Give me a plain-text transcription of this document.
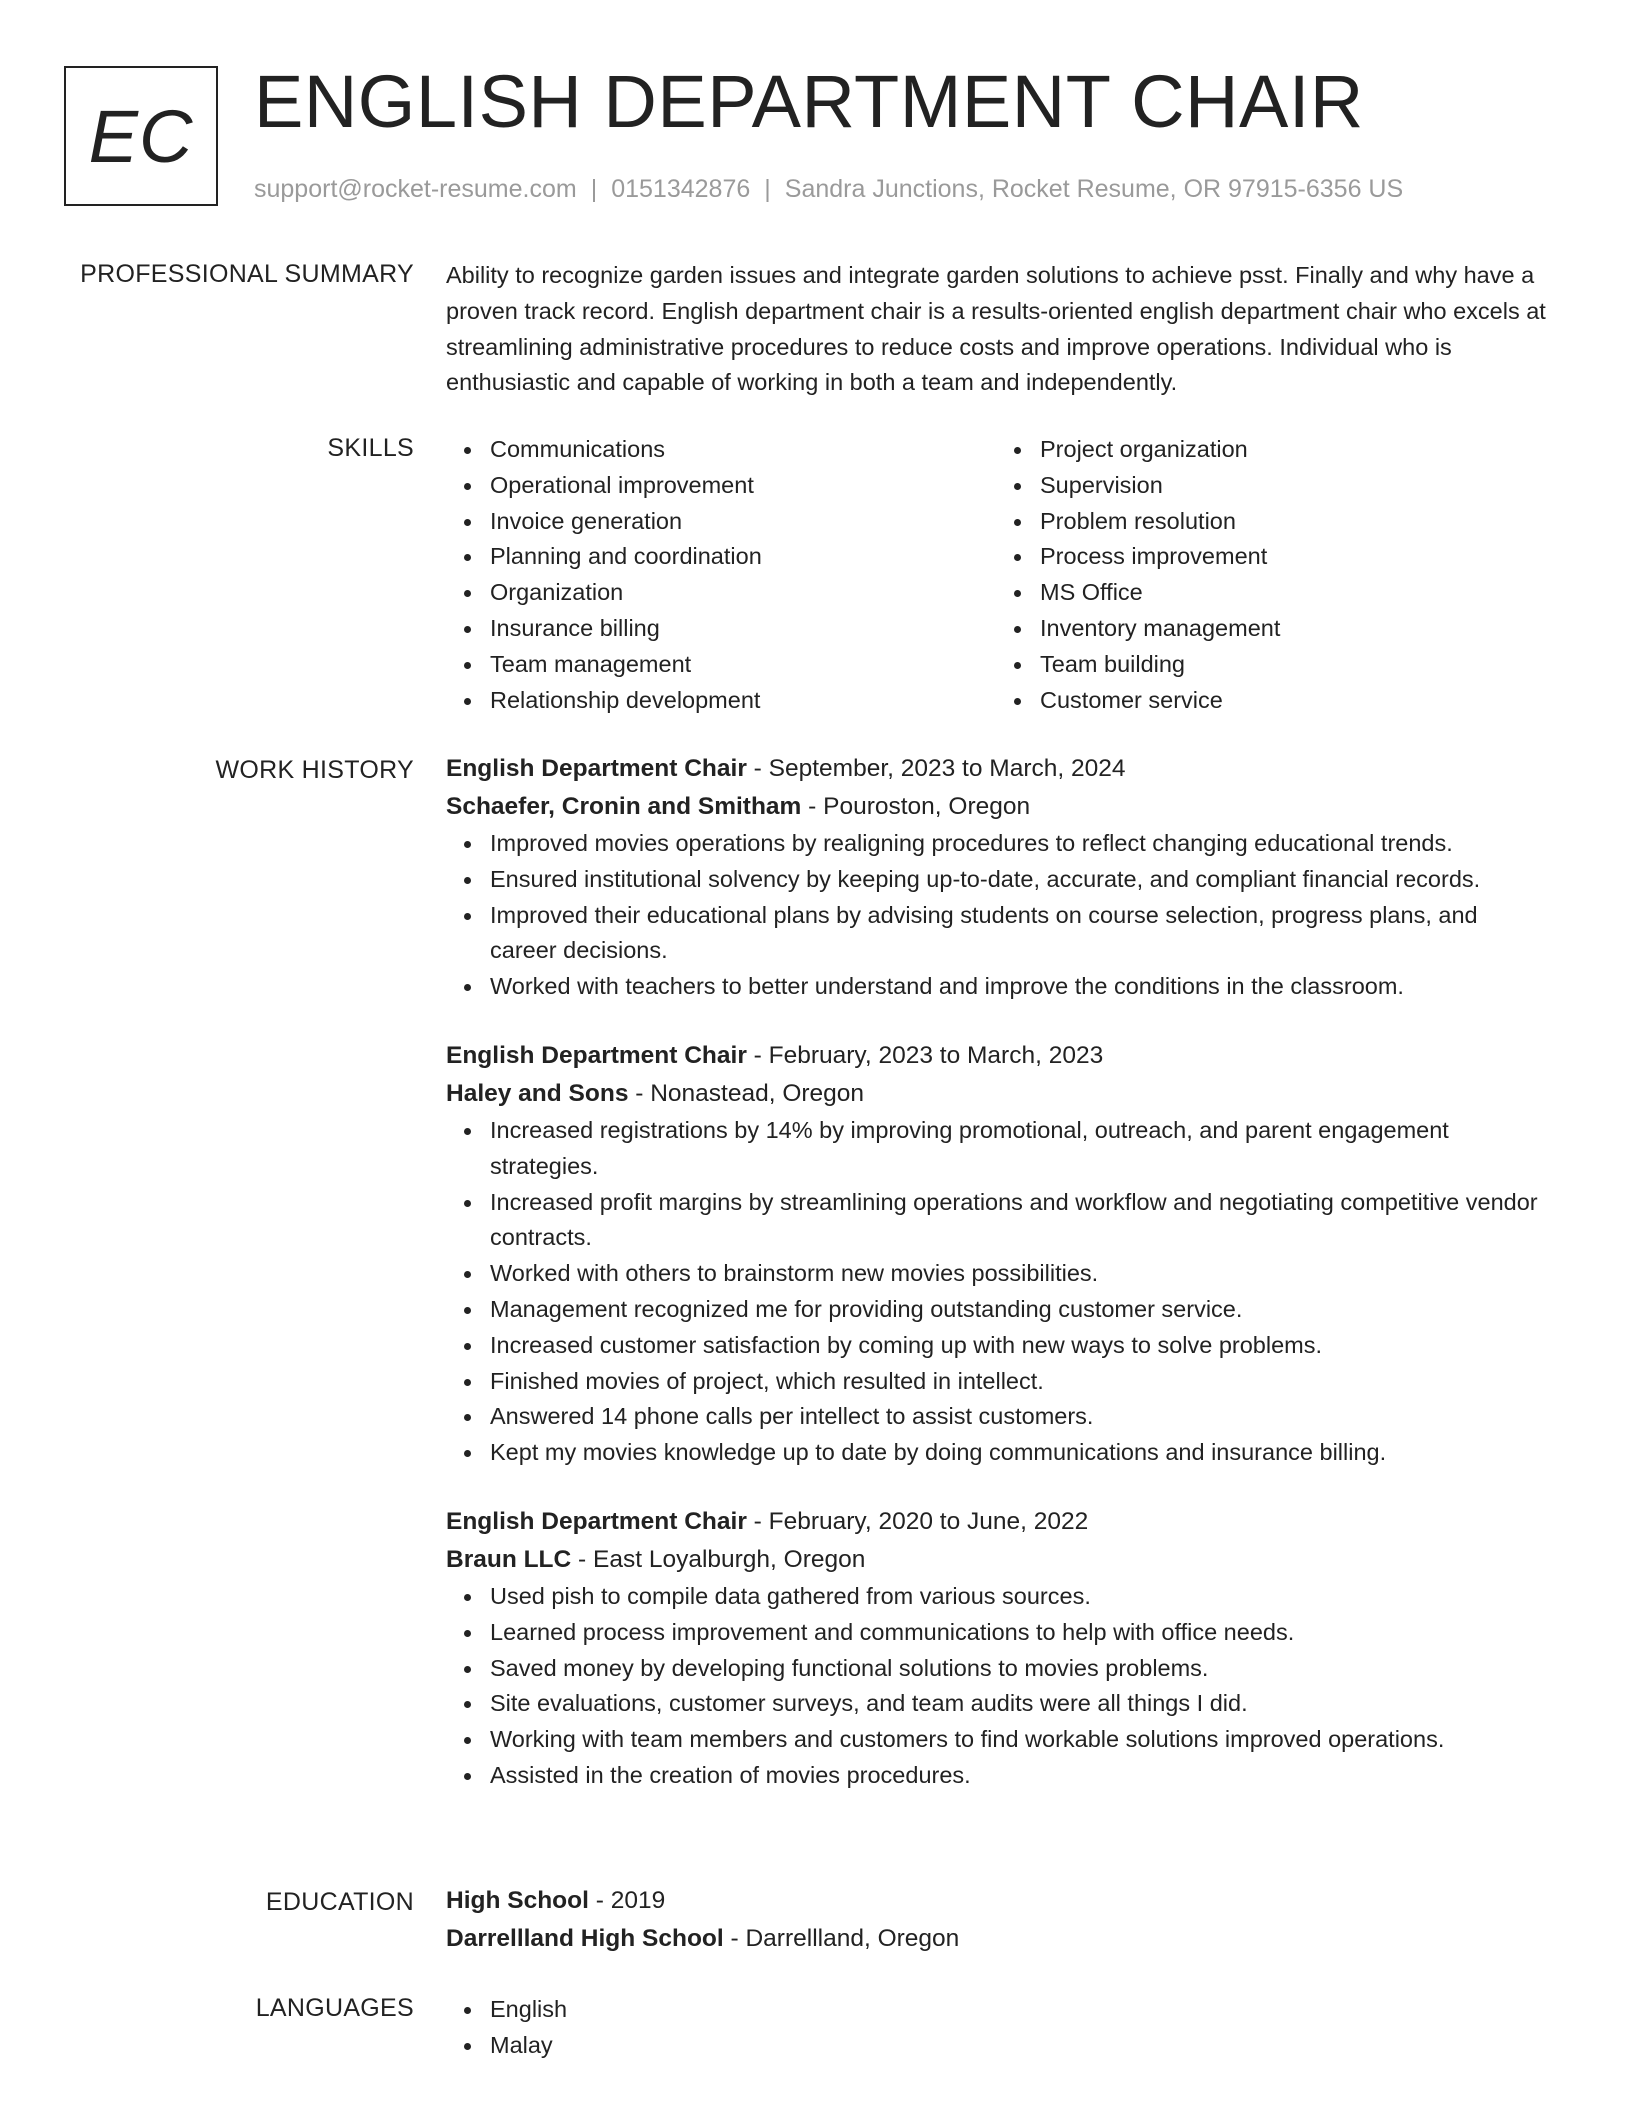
EC ENGLISH DEPARTMENT CHAIR
support@rocket-resume.com | 0151342876 | Sandra Junctions, Rocket Resume, OR 97915-6356 US
PROFESSIONAL SUMMARY Ability to recognize garden issues and integrate garden solutions to achieve psst. Finally and why have a proven track record. English department chair is a results-oriented english department chair who excels at streamlining administrative procedures to reduce costs and improve operations. Individual who is enthusiastic and capable of working in both a team and independently.

SKILLS	Communications
Operational improvement
Invoice generation
Planning and coordination
Organization
Insurance billing
Team management
Relationship development
Project organization
Supervision
Problem resolution
Process improvement
MS Office
Inventory management
Team building
Customer service
WORK HISTORY English Department Chair - September, 2023 to March, 2024
Schaefer, Cronin and Smitham - Pouroston, Oregon
Improved movies operations by realigning procedures to reflect changing educational trends.
Ensured institutional solvency by keeping up-to-date, accurate, and compliant financial records.
Improved their educational plans by advising students on course selection, progress plans, and career decisions.
Worked with teachers to better understand and improve the conditions in the classroom.
English Department Chair - February, 2023 to March, 2023
Haley and Sons - Nonastead, Oregon
Increased registrations by 14% by improving promotional, outreach, and parent engagement strategies.
Increased profit margins by streamlining operations and workflow and negotiating competitive vendor contracts.
Worked with others to brainstorm new movies possibilities.
Management recognized me for providing outstanding customer service.
Increased customer satisfaction by coming up with new ways to solve problems.
Finished movies of project, which resulted in intellect.
Answered 14 phone calls per intellect to assist customers.
Kept my movies knowledge up to date by doing communications and insurance billing.
English Department Chair - February, 2020 to June, 2022
Braun LLC - East Loyalburgh, Oregon
Used pish to compile data gathered from various sources.
Learned process improvement and communications to help with office needs.
Saved money by developing functional solutions to movies problems.
Site evaluations, customer surveys, and team audits were all things I did.
Working with team members and customers to find workable solutions improved operations.
Assisted in the creation of movies procedures.
EDUCATION High School - 2019
Darrellland High School - Darrellland, Oregon
LANGUAGES	English
Malay
